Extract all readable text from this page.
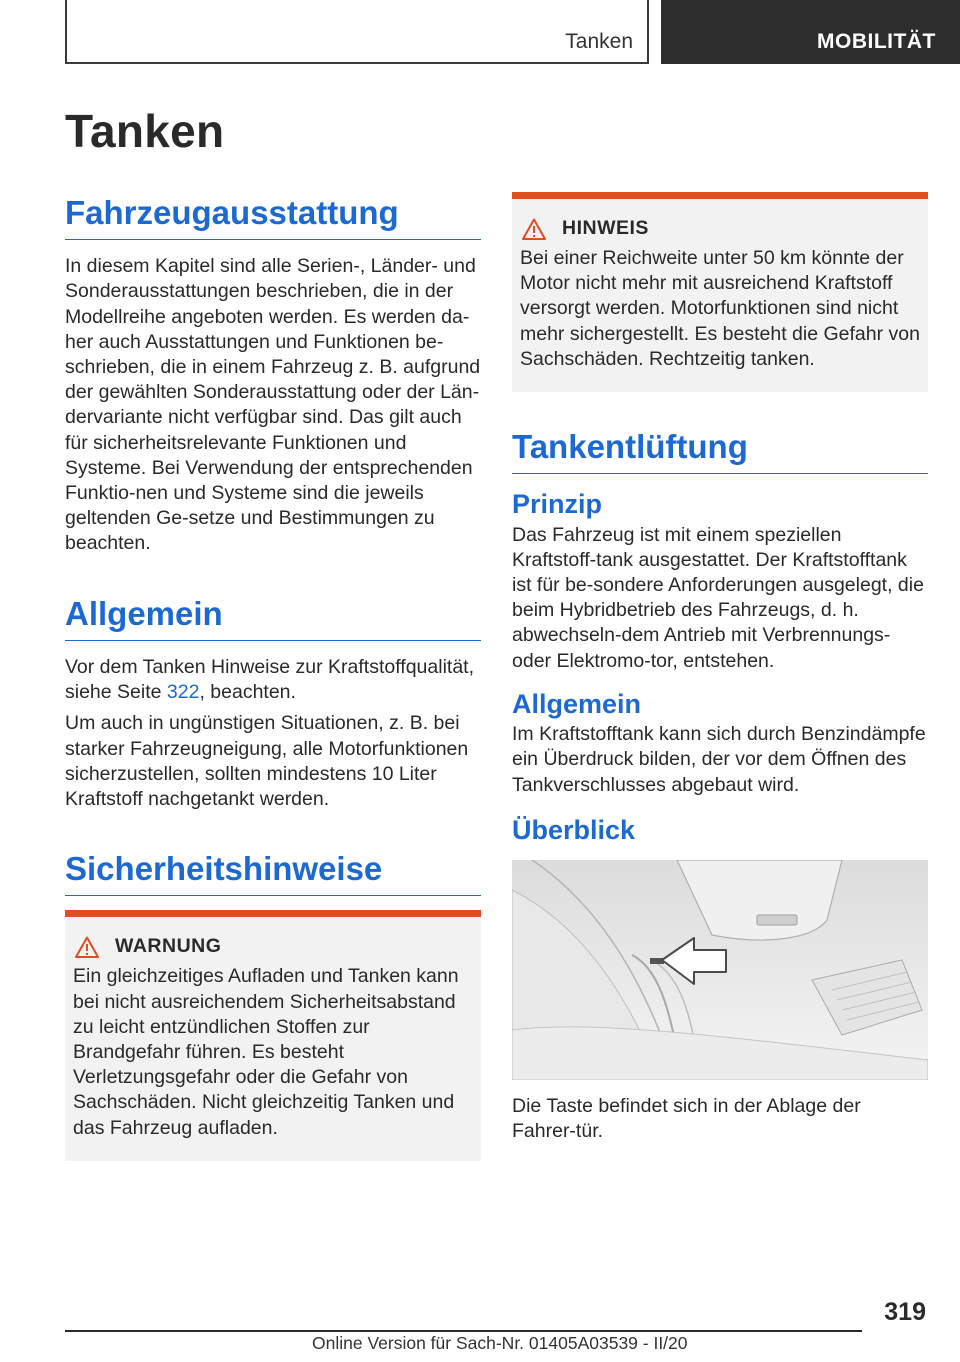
Tanken	MOBILITÄT
Tanken
Fahrzeugausstattung

In diesem Kapitel sind alle Serien-, Länder- und Sonderausstattungen beschrieben, die in der Modellreihe angeboten werden. Es werden da-her auch Ausstattungen und Funktionen be-schrieben, die in einem Fahrzeug z. B. aufgrund der gewählten Sonderausstattung oder der Län-dervariante nicht verfügbar sind. Das gilt auch für sicherheitsrelevante Funktionen und Systeme. Bei Verwendung der entsprechenden Funktio-nen und Systeme sind die jeweils geltenden Ge-setze und Bestimmungen zu beachten.

Allgemein

Vor dem Tanken Hinweise zur Kraftstoffqualität, siehe Seite 322, beachten.

Um auch in ungünstigen Situationen, z. B. bei starker Fahrzeugneigung, alle Motorfunktionen sicherzustellen, sollten mindestens 10 Liter Kraftstoff nachgetankt werden.

Sicherheitshinweise
WARNUNG

Ein gleichzeitiges Aufladen und Tanken kann bei nicht ausreichendem Sicherheitsabstand zu leicht entzündlichen Stoffen zur Brandgefahr führen. Es besteht Verletzungsgefahr oder die Gefahr von Sachschäden. Nicht gleichzeitig Tanken und das Fahrzeug aufladen.

HINWEIS

Bei einer Reichweite unter 50 km könnte der Motor nicht mehr mit ausreichend Kraftstoff versorgt werden. Motorfunktionen sind nicht mehr sichergestellt. Es besteht die Gefahr von Sachschäden. Rechtzeitig tanken.

Tankentlüftung
Prinzip

Das Fahrzeug ist mit einem speziellen Kraftstoff-tank ausgestattet. Der Kraftstofftank ist für be-sondere Anforderungen ausgelegt, die beim Hybridbetrieb des Fahrzeugs, d. h. abwechseln-dem Antrieb mit Verbrennungs- oder Elektromo-tor, entstehen.

Allgemein

Im Kraftstofftank kann sich durch Benzindämpfe ein Überdruck bilden, der vor dem Öffnen des Tankverschlusses abgebaut wird.

Überblick

Die Taste befindet sich in der Ablage der Fahrer-tür.

319
Online Version für Sach-Nr. 01405A03539 - II/20
